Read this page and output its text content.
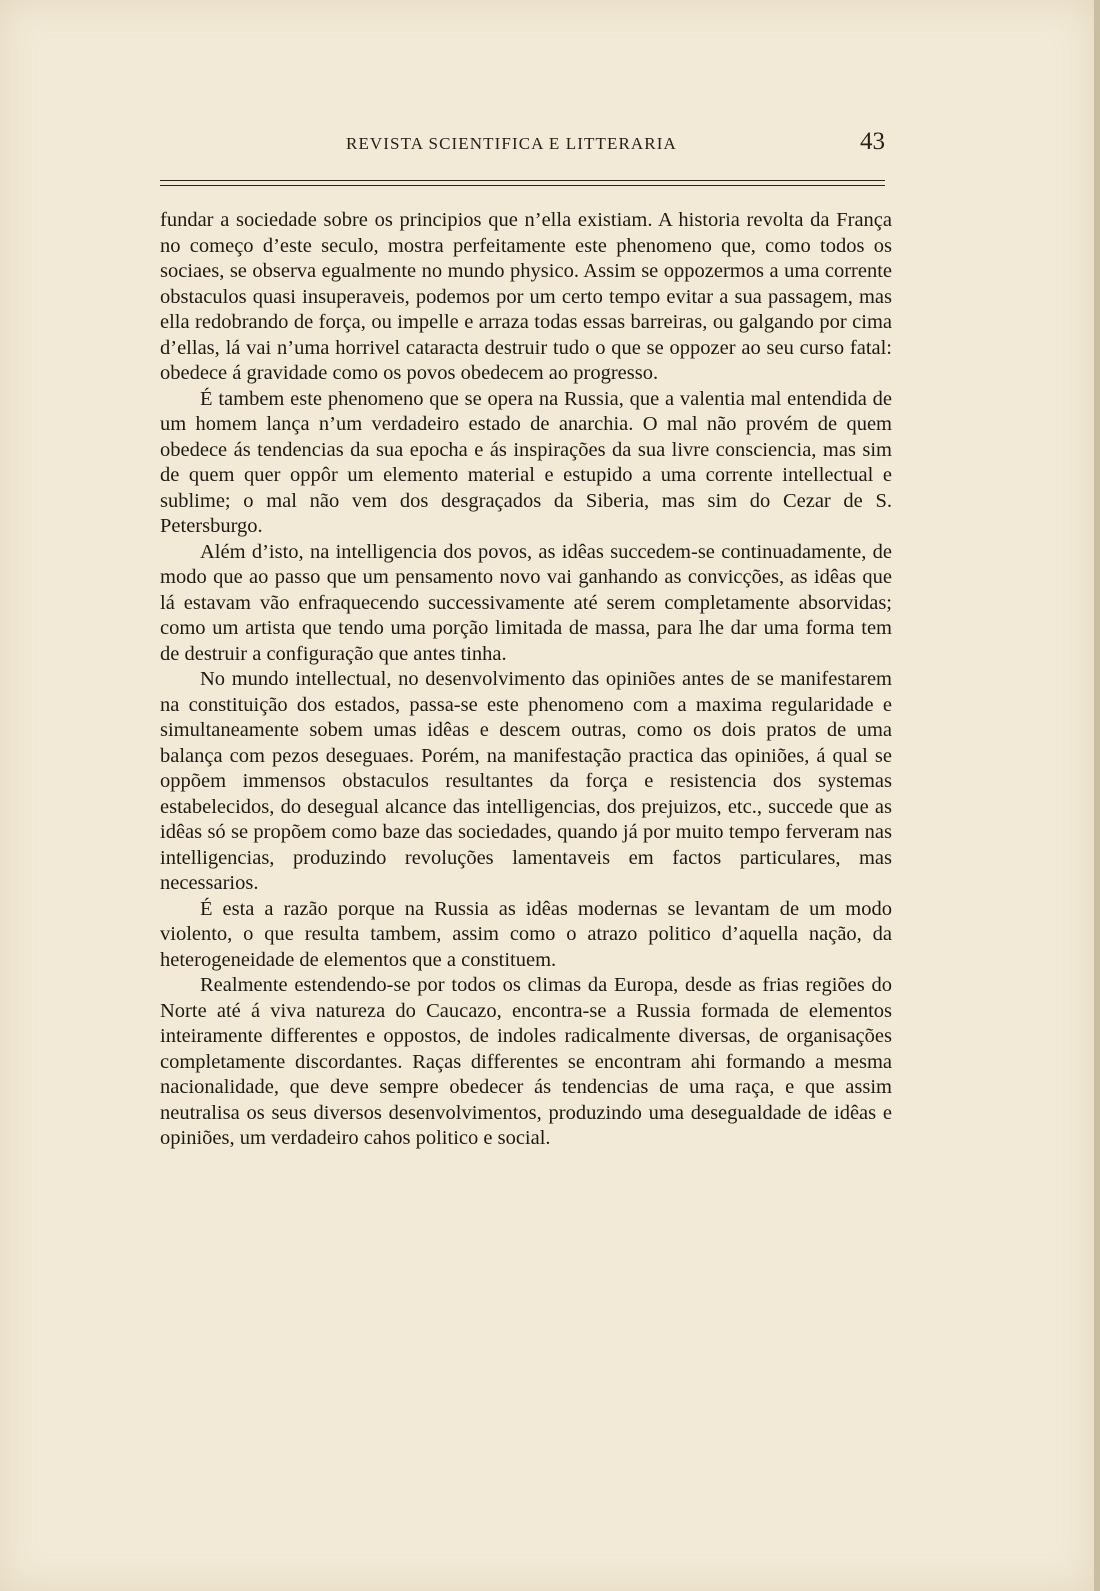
REVISTA SCIENTIFICA E LITTERARIA	43

fundar a sociedade sobre os principios que n’ella existiam. A historia revolta da França no começo d’este seculo, mostra perfeitamente este phenomeno que, como todos os sociaes, se observa egualmente no mundo physico. Assim se oppozermos a uma corrente obstaculos quasi insuperaveis, podemos por um certo tempo evitar a sua passagem, mas ella redobrando de força, ou impelle e arraza todas essas barreiras, ou galgando por cima d’ellas, lá vai n’uma horrivel cataracta destruir tudo o que se oppozer ao seu curso fatal: obedece á gravidade como os povos obedecem ao progresso.

É tambem este phenomeno que se opera na Russia, que a valentia mal entendida de um homem lança n’um verdadeiro estado de anarchia. O mal não provém de quem obedece ás tendencias da sua epocha e ás inspirações da sua livre consciencia, mas sim de quem quer oppôr um elemento material e estupido a uma corrente intellectual e sublime; o mal não vem dos desgraçados da Siberia, mas sim do Cezar de S. Petersburgo.

Além d’isto, na intelligencia dos povos, as idêas succedem-se continuadamente, de modo que ao passo que um pensamento novo vai ganhando as convicções, as idêas que lá estavam vão enfraquecendo successivamente até serem completamente absorvidas; como um artista que tendo uma porção limitada de massa, para lhe dar uma forma tem de destruir a configuração que antes tinha.

No mundo intellectual, no desenvolvimento das opiniões antes de se manifestarem na constituição dos estados, passa-se este phenomeno com a maxima regularidade e simultaneamente sobem umas idêas e descem outras, como os dois pratos de uma balança com pezos deseguaes. Porém, na manifestação practica das opiniões, á qual se oppõem immensos obstaculos resultantes da força e resistencia dos systemas estabelecidos, do desegual alcance das intelligencias, dos prejuizos, etc., succede que as idêas só se propõem como baze das sociedades, quando já por muito tempo ferveram nas intelligencias, produzindo revoluções lamentaveis em factos particulares, mas necessarios.

É esta a razão porque na Russia as idêas modernas se levantam de um modo violento, o que resulta tambem, assim como o atrazo politico d’aquella nação, da heterogeneidade de elementos que a constituem.

Realmente estendendo-se por todos os climas da Europa, desde as frias regiões do Norte até á viva natureza do Caucazo, encontra-se a Russia formada de elementos inteiramente differentes e oppostos, de indoles radicalmente diversas, de organisações completamente discordantes. Raças differentes se encontram ahi formando a mesma nacionalidade, que deve sempre obedecer ás tendencias de uma raça, e que assim neutralisa os seus diversos desenvolvimentos, produzindo uma desegualdade de idêas e opiniões, um verdadeiro cahos politico e social.
